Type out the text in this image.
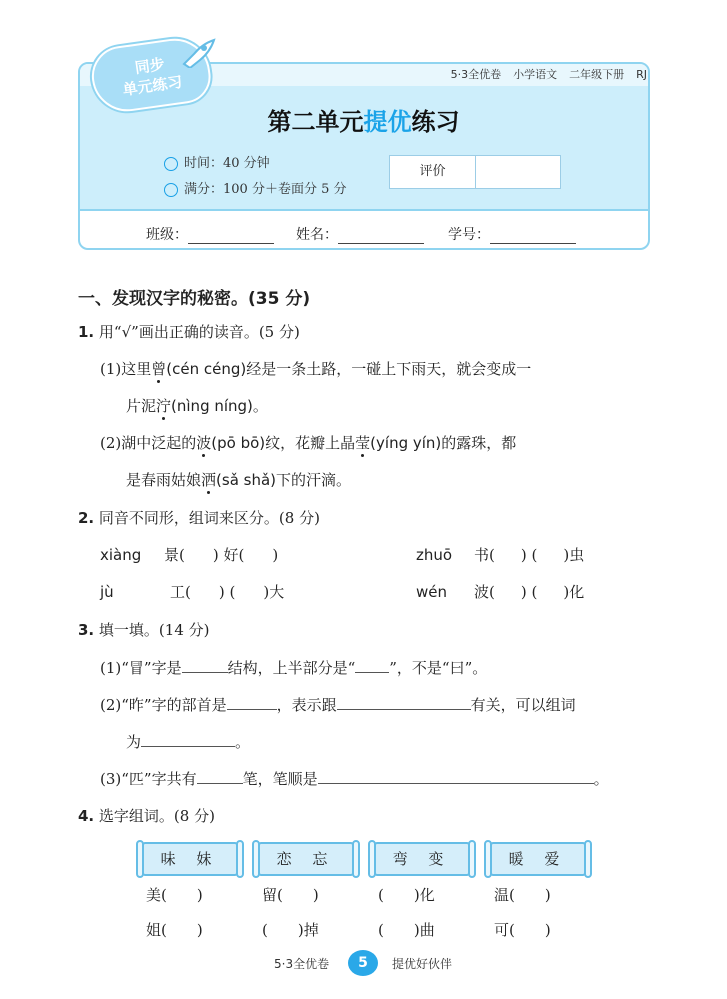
同步
单元练习	5·3全优卷 小学语文 二年级下册 RJ
第二单元提优练习
时间：40 分钟
满分：100 分＋卷面分 5 分
评价
班级：	姓名：	学号：
一、发现汉字的秘密。(35 分)
1. 用“√”画出正确的读音。(5 分)
(1)这里曾(cén céng)经是一条土路，一碰上下雨天，就会变成一
片泥泞(nìng níng)。
(2)湖中泛起的波(pō bō)纹，花瓣上晶莹(yíng yín)的露珠，都
是春雨姑娘洒(sǎ shǎ)下的汗滴。
2. 同音不同形，组词来区分。(8 分)
xiàng 景( ) 好( )	zhuō 书( ) ( )虫
jù	工( ) ( )大	wén 波( ) ( )化
3. 填一填。(14 分)
(1)“冒”字是	结构，上半部分是“ ”，不是“曰”。
(2)“昨”字的部首是	，表示跟	有关，可以组词
为	。
(3)“匹”字共有	笔，笔顺是	。
4. 选字组词。(8 分)
味 妹	恋 忘	弯 变	暖 爱
美( )	留( )	( )化	温( )
姐( )	( )掉	( )曲	可( )
5·3全优卷	5	提优好伙伴
